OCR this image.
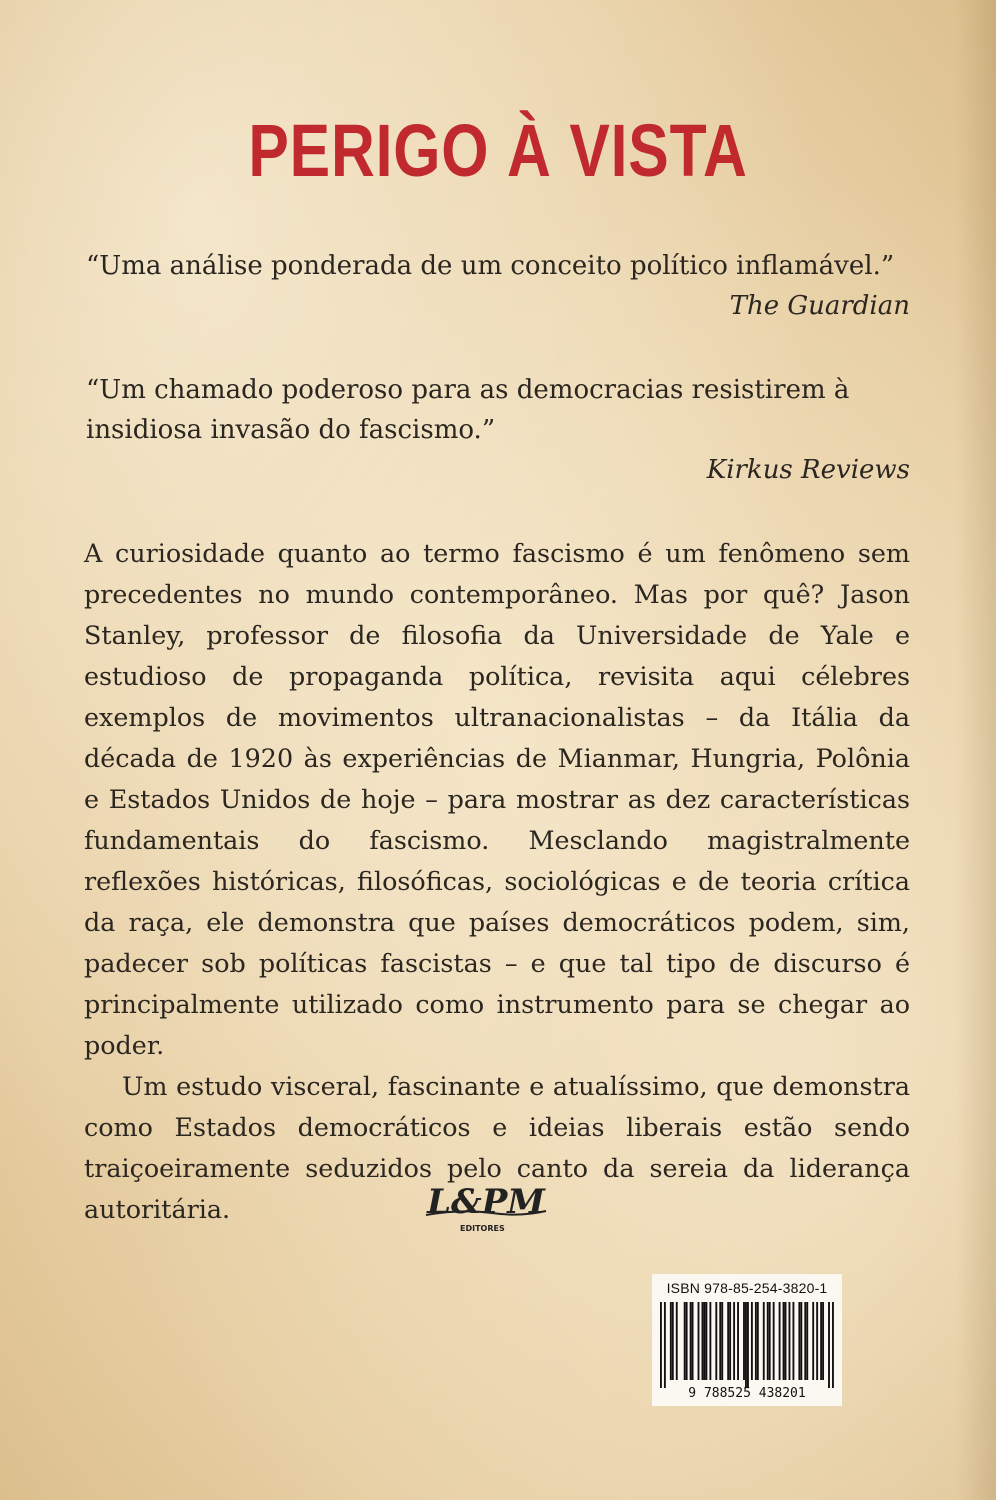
PERIGO À VISTA
“Uma análise ponderada de um conceito político inflamável.”
The Guardian
“Um chamado poderoso para as democracias resistirem à insidiosa invasão do fascismo.”
Kirkus Reviews

A curiosidade quanto ao termo fascismo é um fenômeno sem precedentes no mundo contemporâneo. Mas por quê? Jason Stanley, professor de filosofia da Universidade de Yale e estudioso de propaganda política, revisita aqui célebres exemplos de movimentos ultranacionalistas – da Itália da década de 1920 às experiências de Mianmar, Hungria, Polônia e Estados Unidos de hoje – para mostrar as dez características fundamentais do fascismo. Mesclando magistralmente reflexões históricas, filosóficas, sociológicas e de teoria crítica da raça, ele demonstra que países democráticos podem, sim, padecer sob políticas fascistas – e que tal tipo de discurso é principalmente utilizado como instrumento para se chegar ao poder.

Um estudo visceral, fascinante e atualíssimo, que demonstra como Estados democráticos e ideias liberais estão sendo traiçoeiramente seduzidos pelo canto da sereia da liderança autoritária.	L&PM
EDITORES
ISBN 978-85-254-3820-1
9 788525 438201
